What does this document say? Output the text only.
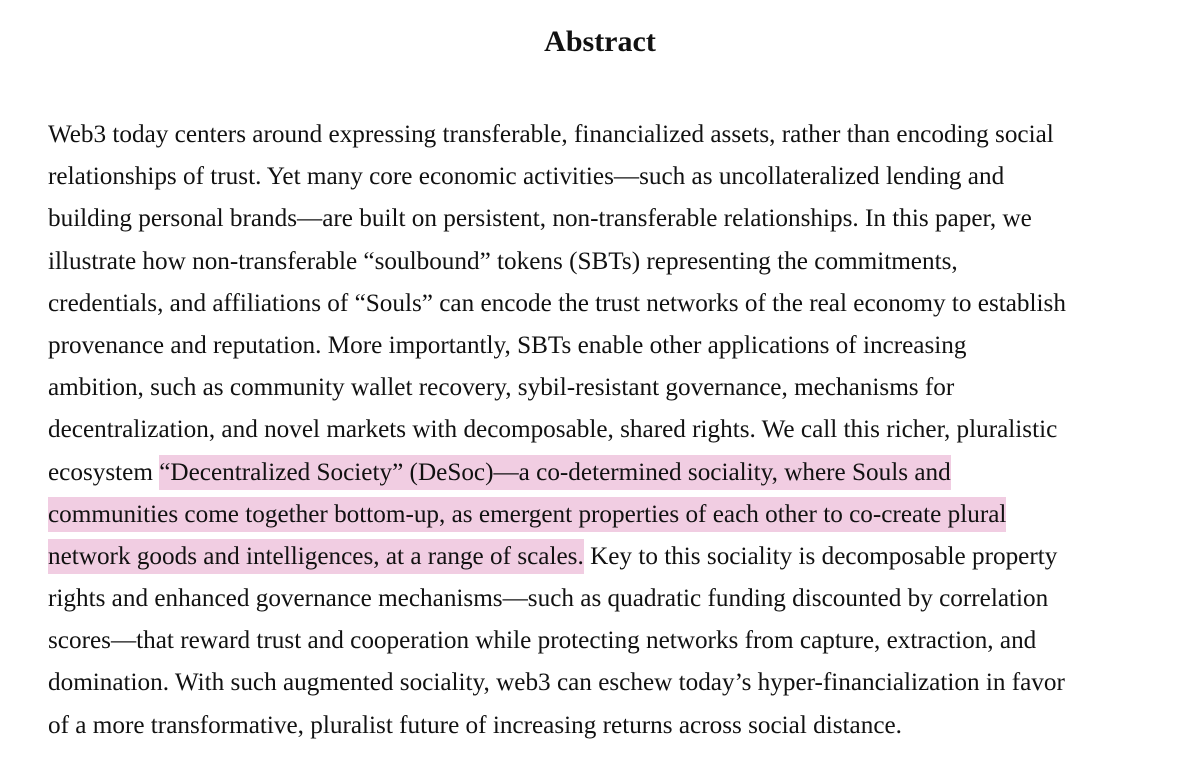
Abstract
Web3 today centers around expressing transferable, financialized assets, rather than encoding social
relationships of trust. Yet many core economic activities—such as uncollateralized lending and
building personal brands—are built on persistent, non-transferable relationships. In this paper, we
illustrate how non-transferable “soulbound” tokens (SBTs) representing the commitments,
credentials, and affiliations of “Souls” can encode the trust networks of the real economy to establish
provenance and reputation. More importantly, SBTs enable other applications of increasing
ambition, such as community wallet recovery, sybil-resistant governance, mechanisms for
decentralization, and novel markets with decomposable, shared rights. We call this richer, pluralistic
ecosystem “Decentralized Society” (DeSoc)—a co-determined sociality, where Souls and
communities come together bottom-up, as emergent properties of each other to co-create plural
network goods and intelligences, at a range of scales. Key to this sociality is decomposable property
rights and enhanced governance mechanisms—such as quadratic funding discounted by correlation
scores—that reward trust and cooperation while protecting networks from capture, extraction, and
domination. With such augmented sociality, web3 can eschew today’s hyper-financialization in favor
of a more transformative, pluralist future of increasing returns across social distance.
